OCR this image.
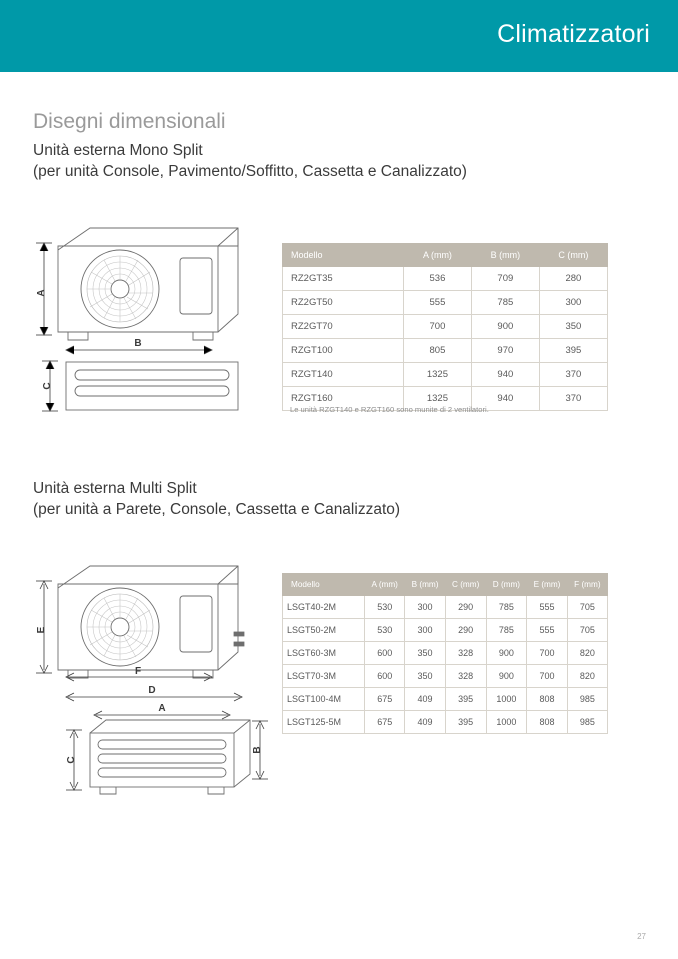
Climatizzatori
Disegni dimensionali
Unità esterna Mono Split
(per unità Console, Pavimento/Soffitto, Cassetta e Canalizzato)
A
B
C
Modello	A (mm)	B (mm)	C (mm)
RZ2GT35	536	709	280
RZ2GT50	555	785	300
RZ2GT70	700	900	350
RZGT100	805	970	395
RZGT140	1325	940	370
RZGT160	1325	940	370
Le unità RZGT140 e RZGT160 sono munite di 2 ventilatori.
Unità esterna Multi Split
(per unità a Parete, Console, Cassetta e Canalizzato)
E
F
D
A
C
B
Modello	A (mm)	B (mm)	C (mm)	D (mm)	E (mm)	F (mm)
LSGT40-2M	530	300	290	785	555	705
LSGT50-2M	530	300	290	785	555	705
LSGT60-3M	600	350	328	900	700	820
LSGT70-3M	600	350	328	900	700	820
LSGT100-4M	675	409	395	1000	808	985
LSGT125-5M	675	409	395	1000	808	985
27
